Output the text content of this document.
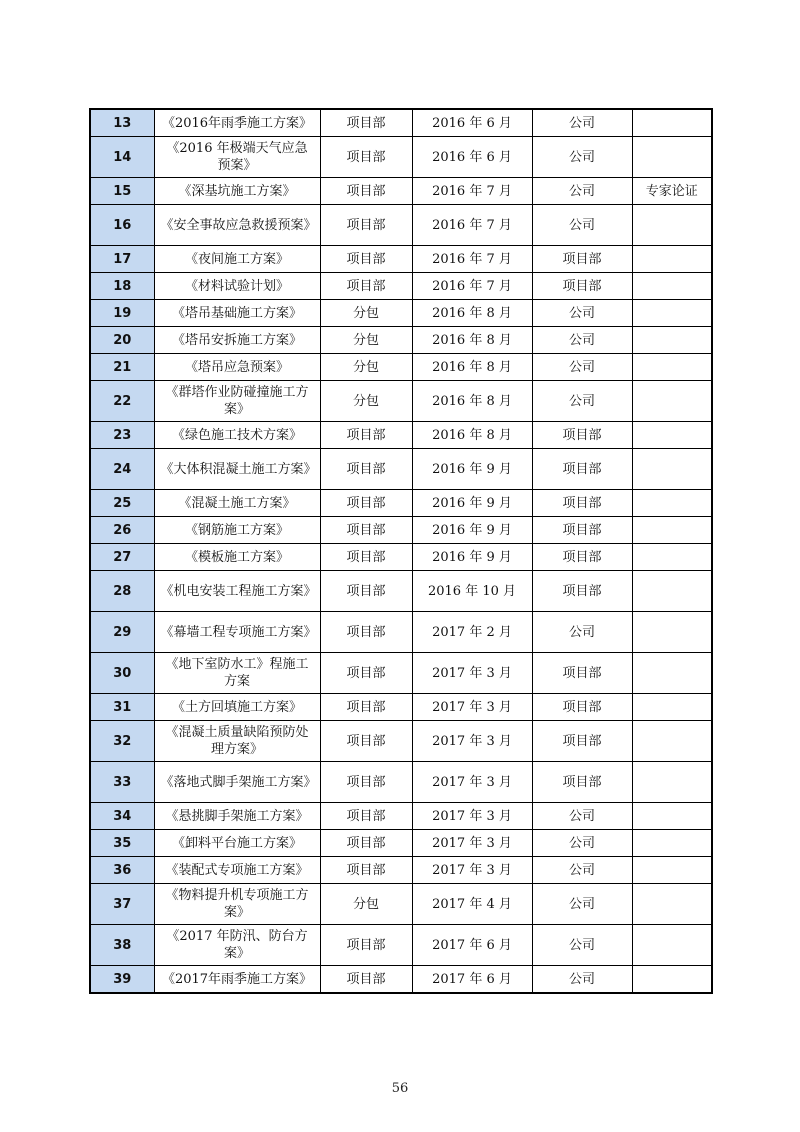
13	《2016年雨季施工方案》	项目部	2016 年 6 月	公司	
14	《2016 年极端天气应急预案》	项目部	2016 年 6 月	公司	
15	《深基坑施工方案》	项目部	2016 年 7 月	公司	专家论证
16	《安全事故应急救援预案》	项目部	2016 年 7 月	公司	
17	《夜间施工方案》	项目部	2016 年 7 月	项目部	
18	《材料试验计划》	项目部	2016 年 7 月	项目部	
19	《塔吊基础施工方案》	分包	2016 年 8 月	公司	
20	《塔吊安拆施工方案》	分包	2016 年 8 月	公司	
21	《塔吊应急预案》	分包	2016 年 8 月	公司	
22	《群塔作业防碰撞施工方案》	分包	2016 年 8 月	公司	
23	《绿色施工技术方案》	项目部	2016 年 8 月	项目部	
24	《大体积混凝土施工方案》	项目部	2016 年 9 月	项目部	
25	《混凝土施工方案》	项目部	2016 年 9 月	项目部	
26	《钢筋施工方案》	项目部	2016 年 9 月	项目部	
27	《模板施工方案》	项目部	2016 年 9 月	项目部	
28	《机电安装工程施工方案》	项目部	2016 年 10 月	项目部	
29	《幕墙工程专项施工方案》	项目部	2017 年 2 月	公司	
30	《地下室防水工》程施工方案	项目部	2017 年 3 月	项目部	
31	《土方回填施工方案》	项目部	2017 年 3 月	项目部	
32	《混凝土质量缺陷预防处理方案》	项目部	2017 年 3 月	项目部	
33	《落地式脚手架施工方案》	项目部	2017 年 3 月	项目部	
34	《悬挑脚手架施工方案》	项目部	2017 年 3 月	公司	
35	《卸料平台施工方案》	项目部	2017 年 3 月	公司	
36	《装配式专项施工方案》	项目部	2017 年 3 月	公司	
37	《物料提升机专项施工方案》	分包	2017 年 4 月	公司	
38	《2017 年防汛、防台方案》	项目部	2017 年 6 月	公司	
39	《2017年雨季施工方案》	项目部	2017 年 6 月	公司	
56
